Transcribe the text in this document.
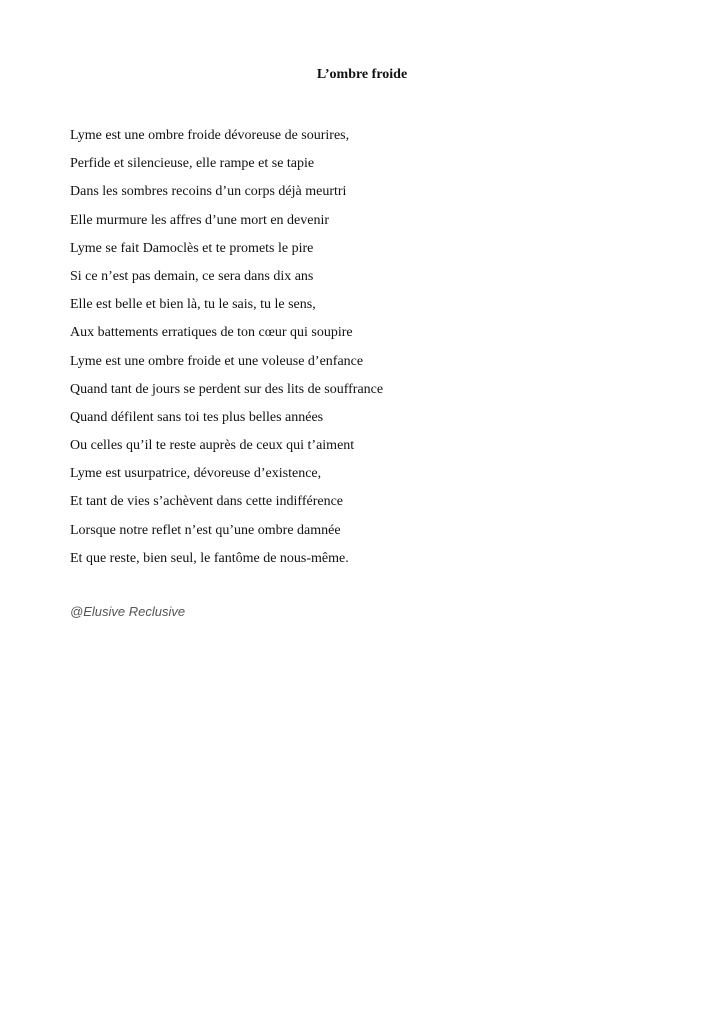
L’ombre froide
Lyme est une ombre froide dévoreuse de sourires,
Perfide et silencieuse, elle rampe et se tapie
Dans les sombres recoins d’un corps déjà meurtri
Elle murmure les affres d’une mort en devenir
Lyme se fait Damoclès et te promets le pire
Si ce n’est pas demain, ce sera dans dix ans
Elle est belle et bien là, tu le sais, tu le sens,
Aux battements erratiques de ton cœur qui soupire
Lyme est une ombre froide et une voleuse d’enfance
Quand tant de jours se perdent sur des lits de souffrance
Quand défilent sans toi tes plus belles années
Ou celles qu’il te reste auprès de ceux qui t’aiment
Lyme est usurpatrice, dévoreuse d’existence,
Et tant de vies s’achèvent dans cette indifférence
Lorsque notre reflet n’est qu’une ombre damnée
Et que reste, bien seul, le fantôme de nous-même.

@Elusive Reclusive
